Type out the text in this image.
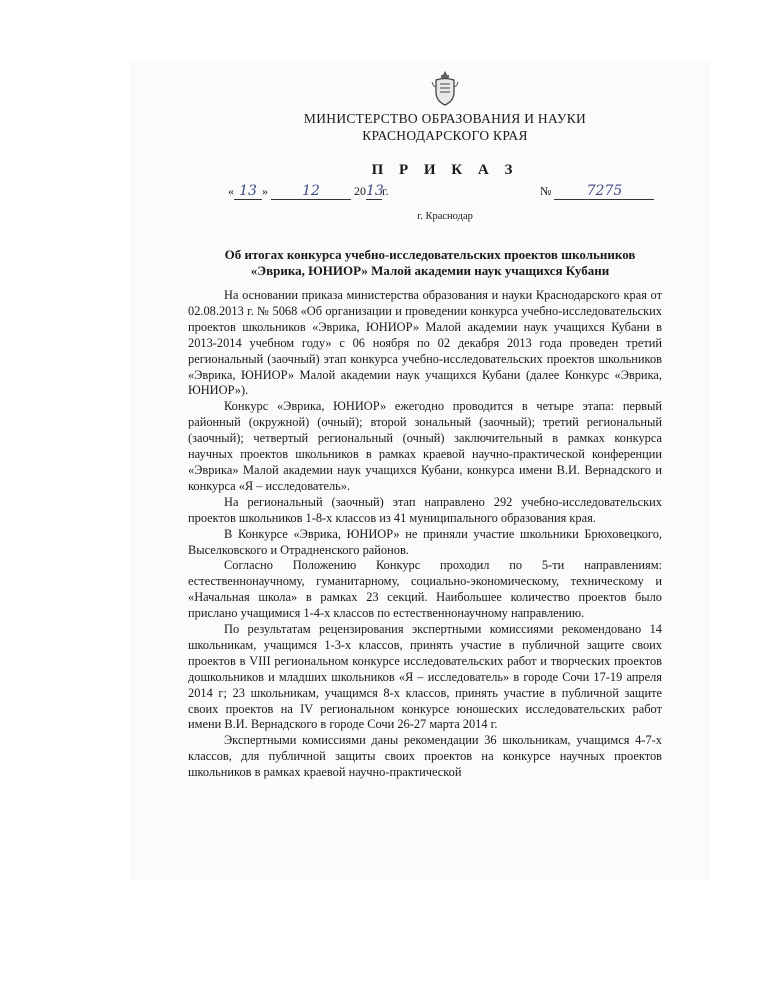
МИНИСТЕРСТВО ОБРАЗОВАНИЯ И НАУКИ
КРАСНОДАРСКОГО КРАЯ
П Р И К А З
« 13 » 12	2013г.	№	7275
г. Краснодар
Об итогах конкурса учебно-исследовательских проектов школьников
«Эврика, ЮНИОР» Малой академии наук учащихся Кубани

На основании приказа министерства образования и науки Краснодарского края от 02.08.2013 г. № 5068 «Об организации и проведении конкурса учебно-исследовательских проектов школьников «Эврика, ЮНИОР» Малой академии наук учащихся Кубани в 2013-2014 учебном году» с 06 ноября по 02 декабря 2013 года проведен третий региональный (заочный) этап конкурса учебно-исследовательских проектов школьников «Эврика, ЮНИОР» Малой академии наук учащихся Кубани (далее Конкурс «Эврика, ЮНИОР»).

Конкурс «Эврика, ЮНИОР» ежегодно проводится в четыре этапа: первый районный (окружной) (очный); второй зональный (заочный); третий региональный (заочный); четвертый региональный (очный) заключительный в рамках конкурса научных проектов школьников в рамках краевой научно-практической конференции «Эврика» Малой академии наук учащихся Кубани, конкурса имени В.И. Вернадского и конкурса «Я – исследователь».

На региональный (заочный) этап направлено 292 учебно-исследовательских проектов школьников 1-8-х классов из 41 муниципального образования края.

В Конкурсе «Эврика, ЮНИОР» не приняли участие школьники Брюховецкого, Выселковского и Отрадненского районов.

Согласно Положению Конкурс проходил по 5-ти направлениям: естественнонаучному, гуманитарному, социально-экономическому, техническому и «Начальная школа» в рамках 23 секций. Наибольшее количество проектов было прислано учащимися 1-4-х классов по естественнонаучному направлению.

По результатам рецензирования экспертными комиссиями рекомендовано 14 школьникам, учащимся 1-3-х классов, принять участие в публичной защите своих проектов в VIII региональном конкурсе исследовательских работ и творческих проектов дошкольников и младших школьников «Я – исследователь» в городе Сочи 17-19 апреля 2014 г; 23 школьникам, учащимся 8-х классов, принять участие в публичной защите своих проектов на IV региональном конкурсе юношеских исследовательских работ имени В.И. Вернадского в городе Сочи 26-27 марта 2014 г.

Экспертными комиссиями даны рекомендации 36 школьникам, учащимся 4-7-х классов, для публичной защиты своих проектов на конкурсе научных проектов школьников в рамках краевой научно-практической
